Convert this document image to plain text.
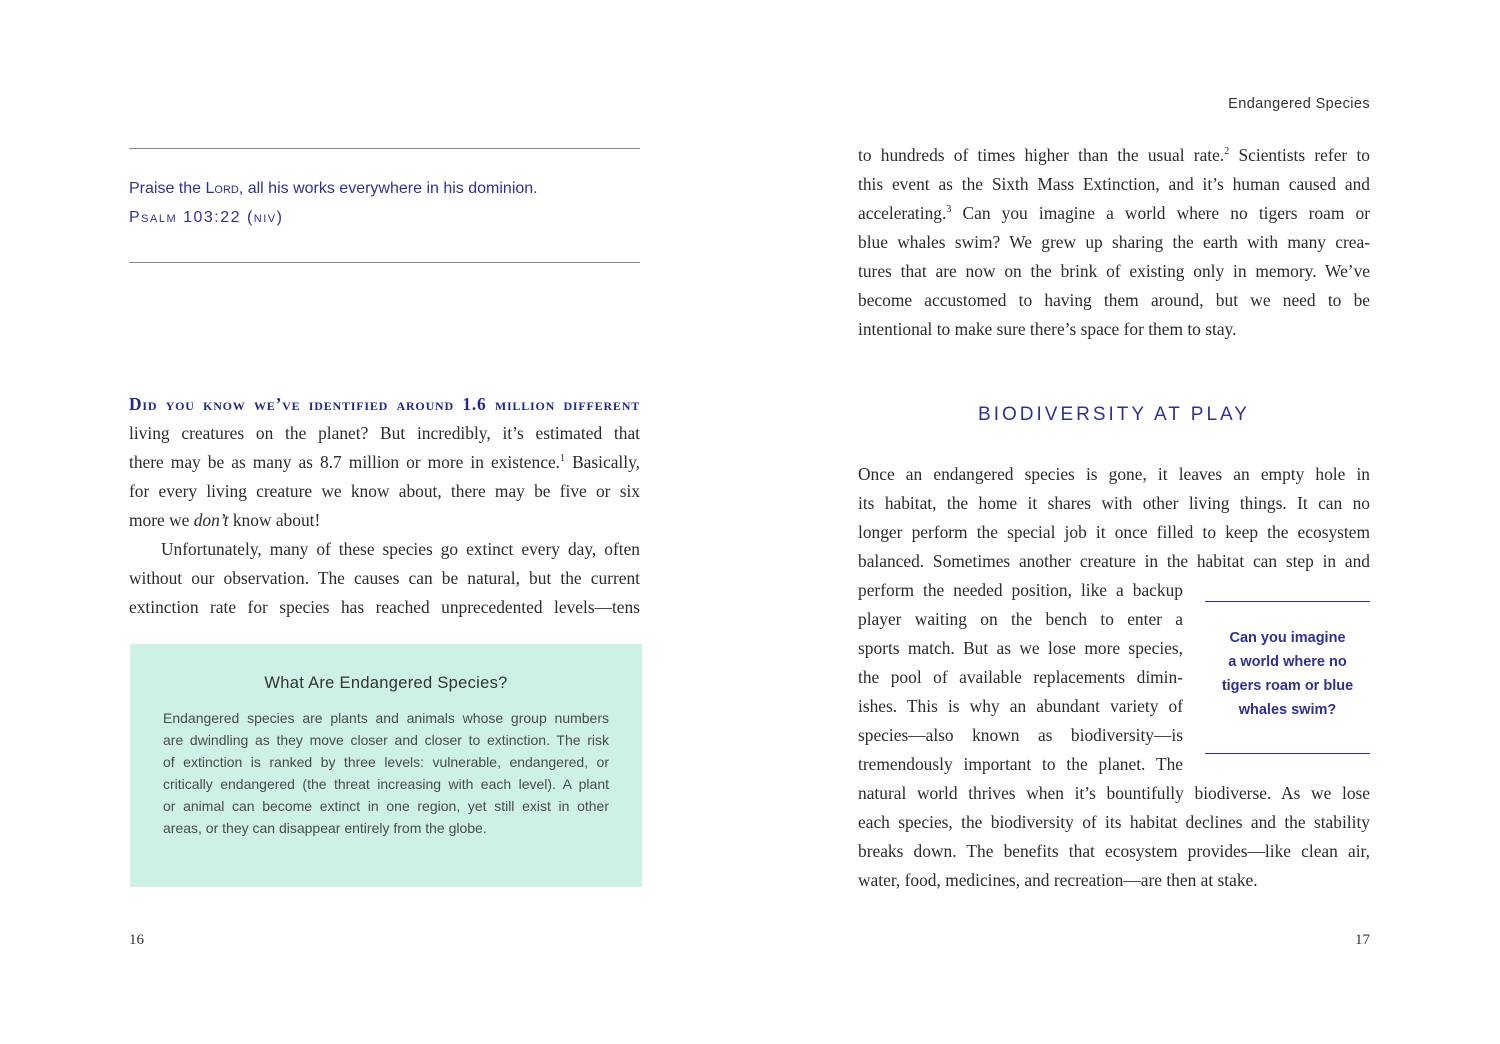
Praise the Lord, all his works everywhere in his dominion.
Psalm 103:22 (niv)
Did you know we’ve identified around 1.6 million different
living creatures on the planet? But incredibly, it’s estimated that
there may be as many as 8.7 million or more in existence.$^1$ Basically,
for every living creature we know about, there may be five or six
more we don’t know about!
Unfortunately, many of these species go extinct every day, often
without our observation. The causes can be natural, but the current
extinction rate for species has reached unprecedented levels—tens
What Are Endangered Species?
Endangered species are plants and animals whose group numbers
are dwindling as they move closer and closer to extinction. The risk
of extinction is ranked by three levels: vulnerable, endangered, or
critically endangered (the threat increasing with each level). A plant
or animal can become extinct in one region, yet still exist in other
areas, or they can disappear entirely from the globe.
16
Endangered Species
to hundreds of times higher than the usual rate.$^2$ Scientists refer to
this event as the Sixth Mass Extinction, and it’s human caused and
accelerating.$^3$ Can you imagine a world where no tigers roam or
blue whales swim? We grew up sharing the earth with many crea-
tures that are now on the brink of existing only in memory. We’ve
become accustomed to having them around, but we need to be
intentional to make sure there’s space for them to stay.
BIODIVERSITY AT PLAY
Once an endangered species is gone, it leaves an empty hole in
its habitat, the home it shares with other living things. It can no
longer perform the special job it once filled to keep the ecosystem
balanced. Sometimes another creature in the habitat can step in and
perform the needed position, like a backup
player waiting on the bench to enter a
sports match. But as we lose more species,
the pool of available replacements dimin-
ishes. This is why an abundant variety of
species—also known as biodiversity—is
tremendously important to the planet. The
Can you imagine
a world where no
tigers roam or blue
whales swim?
natural world thrives when it’s bountifully biodiverse. As we lose
each species, the biodiversity of its habitat declines and the stability
breaks down. The benefits that ecosystem provides—like clean air,
water, food, medicines, and recreation—are then at stake.
17
